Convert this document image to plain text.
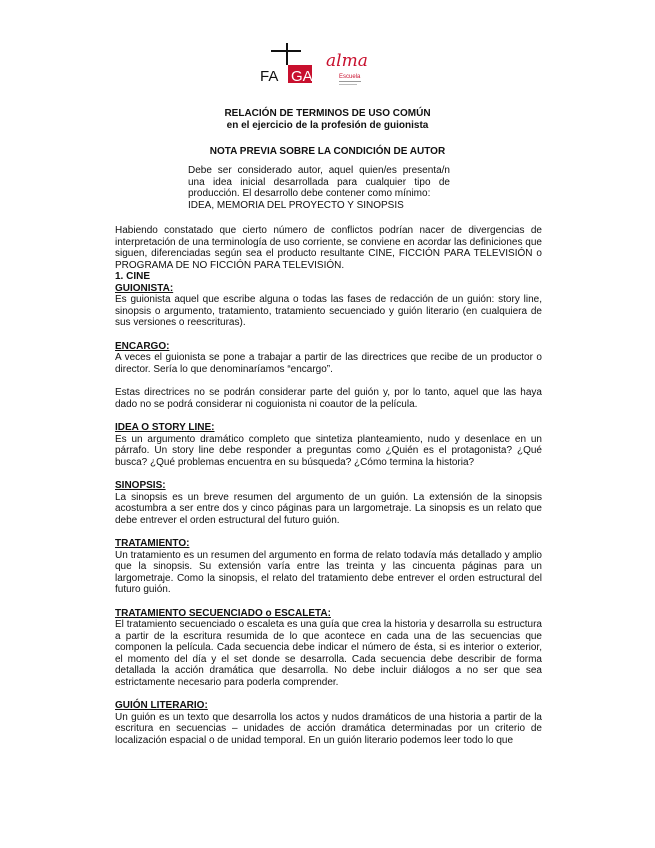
FA GA
alma
Escuela
RELACIÓN DE TERMINOS DE USO COMÚN
en el ejercicio de la profesión de guionista
NOTA PREVIA SOBRE LA CONDICIÓN DE AUTOR
Debe ser considerado autor, aquel quien/es presenta/n una idea inicial desarrollada para cualquier tipo de producción. El desarrollo debe contener como mínimo:
IDEA, MEMORIA DEL PROYECTO Y SINOPSIS

Habiendo constatado que cierto número de conflictos podrían nacer de divergencias de interpretación de una terminología de uso corriente, se conviene en acordar las definiciones que siguen, diferenciadas según sea el producto resultante CINE, FICCIÓN PARA TELEVISIÓN o PROGRAMA DE NO FICCIÓN PARA TELEVISIÓN.

1. CINE

GUIONISTA:

Es guionista aquel que escribe alguna o todas las fases de redacción de un guión: story line, sinopsis o argumento, tratamiento, tratamiento secuenciado y guión literario (en cualquiera de sus versiones o reescrituras).

ENCARGO:

A veces el guionista se pone a trabajar a partir de las directrices que recibe de un productor o director. Sería lo que denominaríamos “encargo”.

Estas directrices no se podrán considerar parte del guión y, por lo tanto, aquel que las haya dado no se podrá considerar ni coguionista ni coautor de la película.

IDEA O STORY LINE:

Es un argumento dramático completo que sintetiza planteamiento, nudo y desenlace en un párrafo. Un story line debe responder a preguntas como ¿Quién es el protagonista? ¿Qué busca? ¿Qué problemas encuentra en su búsqueda? ¿Cómo termina la historia?

SINOPSIS:

La sinopsis es un breve resumen del argumento de un guión. La extensión de la sinopsis acostumbra a ser entre dos y cinco páginas para un largometraje. La sinopsis es un relato que debe entrever el orden estructural del futuro guión.

TRATAMIENTO:

Un tratamiento es un resumen del argumento en forma de relato todavía más detallado y amplio que la sinopsis. Su extensión varía entre las treinta y las cincuenta páginas para un largometraje. Como la sinopsis, el relato del tratamiento debe entrever el orden estructural del futuro guión.

TRATAMIENTO SECUENCIADO o ESCALETA:

El tratamiento secuenciado o escaleta es una guía que crea la historia y desarrolla su estructura a partir de la escritura resumida de lo que acontece en cada una de las secuencias que componen la película. Cada secuencia debe indicar el número de ésta, si es interior o exterior, el momento del día y el set donde se desarrolla. Cada secuencia debe describir de forma detallada la acción dramática que desarrolla. No debe incluir diálogos a no ser que sea estrictamente necesario para poderla comprender.

GUIÓN LITERARIO:

Un guión es un texto que desarrolla los actos y nudos dramáticos de una historia a partir de la escritura en secuencias – unidades de acción dramática determinadas por un criterio de localización espacial o de unidad temporal. En un guión literario podemos leer todo lo que
